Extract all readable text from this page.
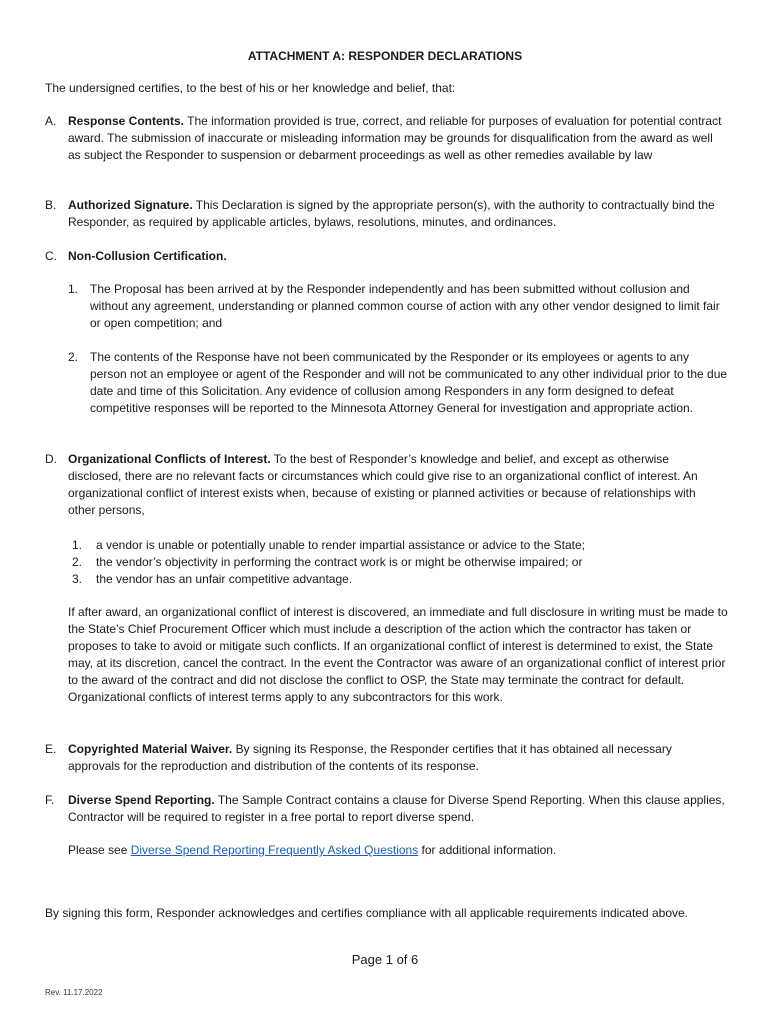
ATTACHMENT A: RESPONDER DECLARATIONS
The undersigned certifies, to the best of his or her knowledge and belief, that:
A. Response Contents. The information provided is true, correct, and reliable for purposes of evaluation for potential contract award. The submission of inaccurate or misleading information may be grounds for disqualification from the award as well as subject the Responder to suspension or debarment proceedings as well as other remedies available by law
B. Authorized Signature. This Declaration is signed by the appropriate person(s), with the authority to contractually bind the Responder, as required by applicable articles, bylaws, resolutions, minutes, and ordinances.
C. Non-Collusion Certification.
1. The Proposal has been arrived at by the Responder independently and has been submitted without collusion and without any agreement, understanding or planned common course of action with any other vendor designed to limit fair or open competition; and
2. The contents of the Response have not been communicated by the Responder or its employees or agents to any person not an employee or agent of the Responder and will not be communicated to any other individual prior to the due date and time of this Solicitation. Any evidence of collusion among Responders in any form designed to defeat competitive responses will be reported to the Minnesota Attorney General for investigation and appropriate action.
D. Organizational Conflicts of Interest. To the best of Responder’s knowledge and belief, and except as otherwise disclosed, there are no relevant facts or circumstances which could give rise to an organizational conflict of interest. An organizational conflict of interest exists when, because of existing or planned activities or because of relationships with other persons,
1. a vendor is unable or potentially unable to render impartial assistance or advice to the State;
2. the vendor’s objectivity in performing the contract work is or might be otherwise impaired; or
3. the vendor has an unfair competitive advantage.
If after award, an organizational conflict of interest is discovered, an immediate and full disclosure in writing must be made to the State’s Chief Procurement Officer which must include a description of the action which the contractor has taken or proposes to take to avoid or mitigate such conflicts. If an organizational conflict of interest is determined to exist, the State may, at its discretion, cancel the contract. In the event the Contractor was aware of an organizational conflict of interest prior to the award of the contract and did not disclose the conflict to OSP, the State may terminate the contract for default. Organizational conflicts of interest terms apply to any subcontractors for this work.
E. Copyrighted Material Waiver. By signing its Response, the Responder certifies that it has obtained all necessary approvals for the reproduction and distribution of the contents of its response.
F.	Diverse Spend Reporting. The Sample Contract contains a clause for Diverse Spend Reporting. When this clause applies, Contractor will be required to register in a free portal to report diverse spend.
Please see Diverse Spend Reporting Frequently Asked Questions for additional information.
By signing this form, Responder acknowledges and certifies compliance with all applicable requirements indicated above.
Page 1 of 6
Rev. 11.17.2022
